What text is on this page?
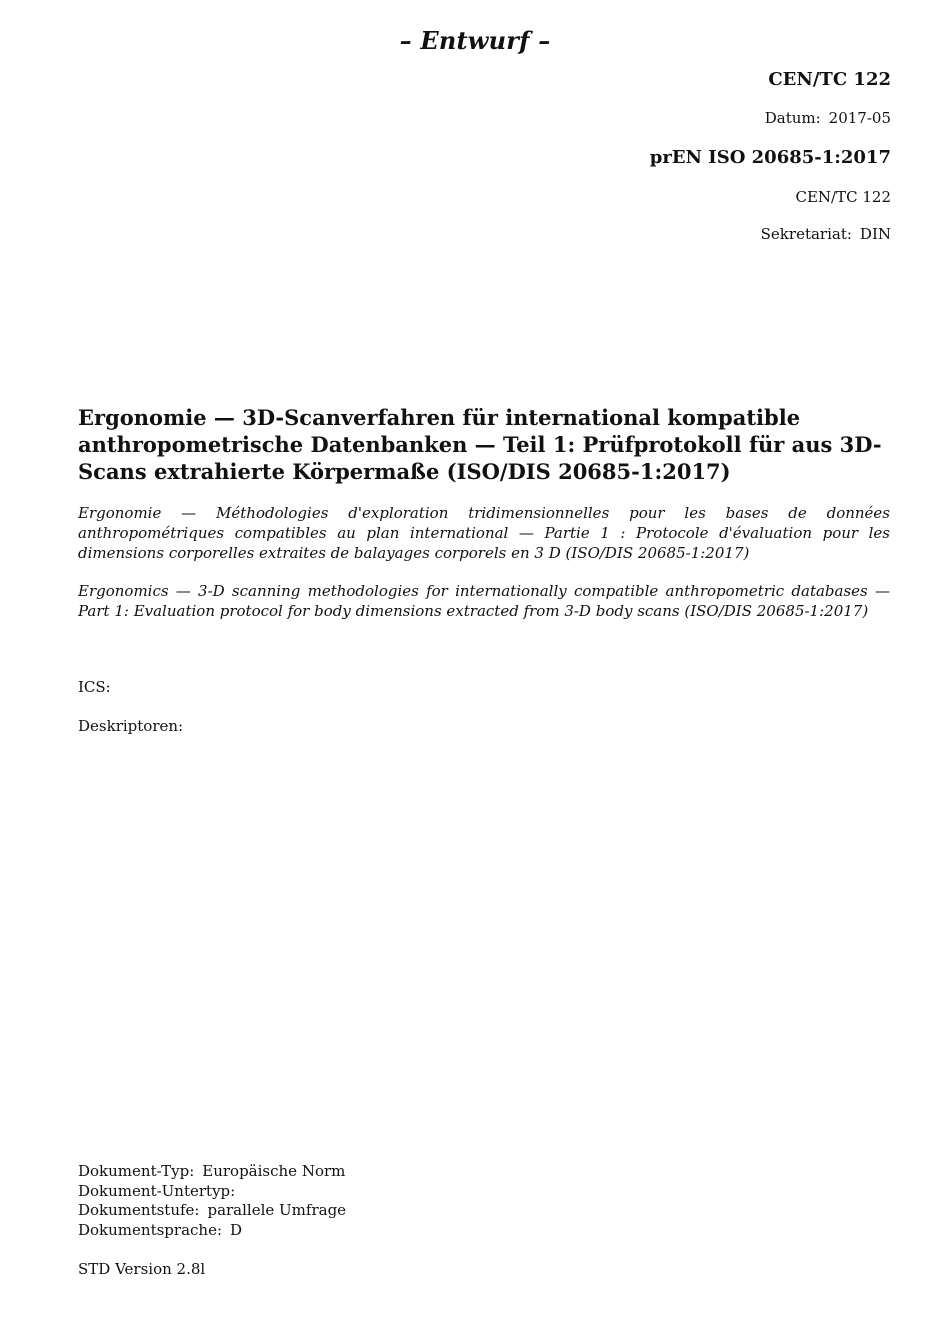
– Entwurf –
CEN/TC 122
Datum: 2017-05
prEN ISO 20685-1:2017
CEN/TC 122
Sekretariat: DIN

Ergonomie — 3D-Scanverfahren für international kompatible anthropometrische Datenbanken — Teil 1: Prüfprotokoll für aus 3D-Scans extrahierte Körpermaße (ISO/DIS 20685-1:2017)

Ergonomie — Méthodologies d'exploration tridimensionnelles pour les bases de données anthropométriques compatibles au plan international — Partie 1 : Protocole d'évaluation pour les dimensions corporelles extraites de balayages corporels en 3 D (ISO/DIS 20685-1:2017)

Ergonomics — 3-D scanning methodologies for internationally compatible anthropometric databases — Part 1: Evaluation protocol for body dimensions extracted from 3-D body scans (ISO/DIS 20685-1:2017)

ICS:
Deskriptoren:
Dokument-Typ: Europäische Norm
Dokument-Untertyp:
Dokumentstufe: parallele Umfrage
Dokumentsprache: D
STD Version 2.8l
